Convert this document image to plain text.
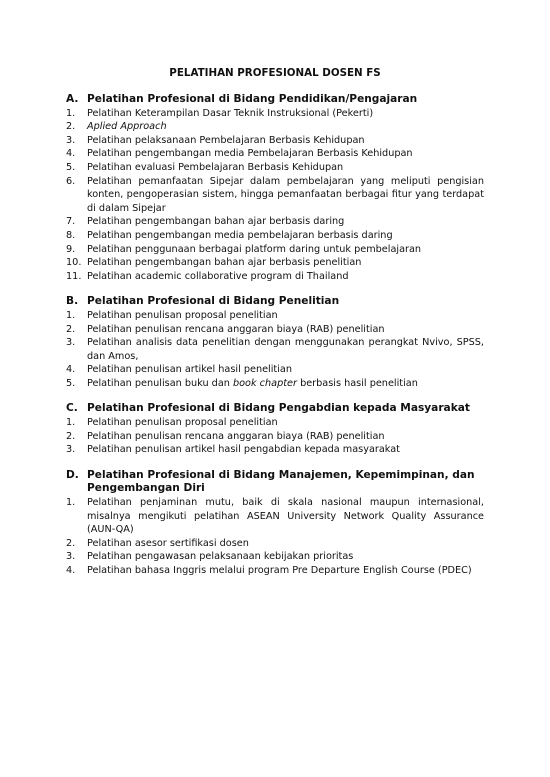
PELATIHAN PROFESIONAL DOSEN FS
A. Pelatihan Profesional di Bidang Pendidikan/Pengajaran
1.	Pelatihan Keterampilan Dasar Teknik Instruksional (Pekerti)
2.	Aplied Approach
3.	Pelatihan pelaksanaan Pembelajaran Berbasis Kehidupan
4.	Pelatihan pengembangan media Pembelajaran Berbasis Kehidupan
5.	Pelatihan evaluasi Pembelajaran Berbasis Kehidupan
6.	Pelatihan pemanfaatan Sipejar dalam pembelajaran yang meliputi pengisian konten, pengoperasian sistem, hingga pemanfaatan berbagai fitur yang terdapat di dalam Sipejar
7.	Pelatihan pengembangan bahan ajar berbasis daring
8.	Pelatihan pengembangan media pembelajaran berbasis daring
9.	Pelatihan penggunaan berbagai platform daring untuk pembelajaran
10. Pelatihan pengembangan bahan ajar berbasis penelitian
11. Pelatihan academic collaborative program di Thailand
B. Pelatihan Profesional di Bidang Penelitian
1.	Pelatihan penulisan proposal penelitian
2.	Pelatihan penulisan rencana anggaran biaya (RAB) penelitian
3.	Pelatihan analisis data penelitian dengan menggunakan perangkat Nvivo, SPSS, dan Amos,
4.	Pelatihan penulisan artikel hasil penelitian
5.	Pelatihan penulisan buku dan book chapter berbasis hasil penelitian
C. Pelatihan Profesional di Bidang Pengabdian kepada Masyarakat
1.	Pelatihan penulisan proposal penelitian
2.	Pelatihan penulisan rencana anggaran biaya (RAB) penelitian
3.	Pelatihan penulisan artikel hasil pengabdian kepada masyarakat
D. Pelatihan Profesional di Bidang Manajemen, Kepemimpinan, dan Pengembangan Diri
1.	Pelatihan penjaminan mutu, baik di skala nasional maupun internasional, misalnya mengikuti pelatihan ASEAN University Network Quality Assurance (AUN-QA)
2.	Pelatihan asesor sertifikasi dosen
3.	Pelatihan pengawasan pelaksanaan kebijakan prioritas
4.	Pelatihan bahasa Inggris melalui program Pre Departure English Course (PDEC)
